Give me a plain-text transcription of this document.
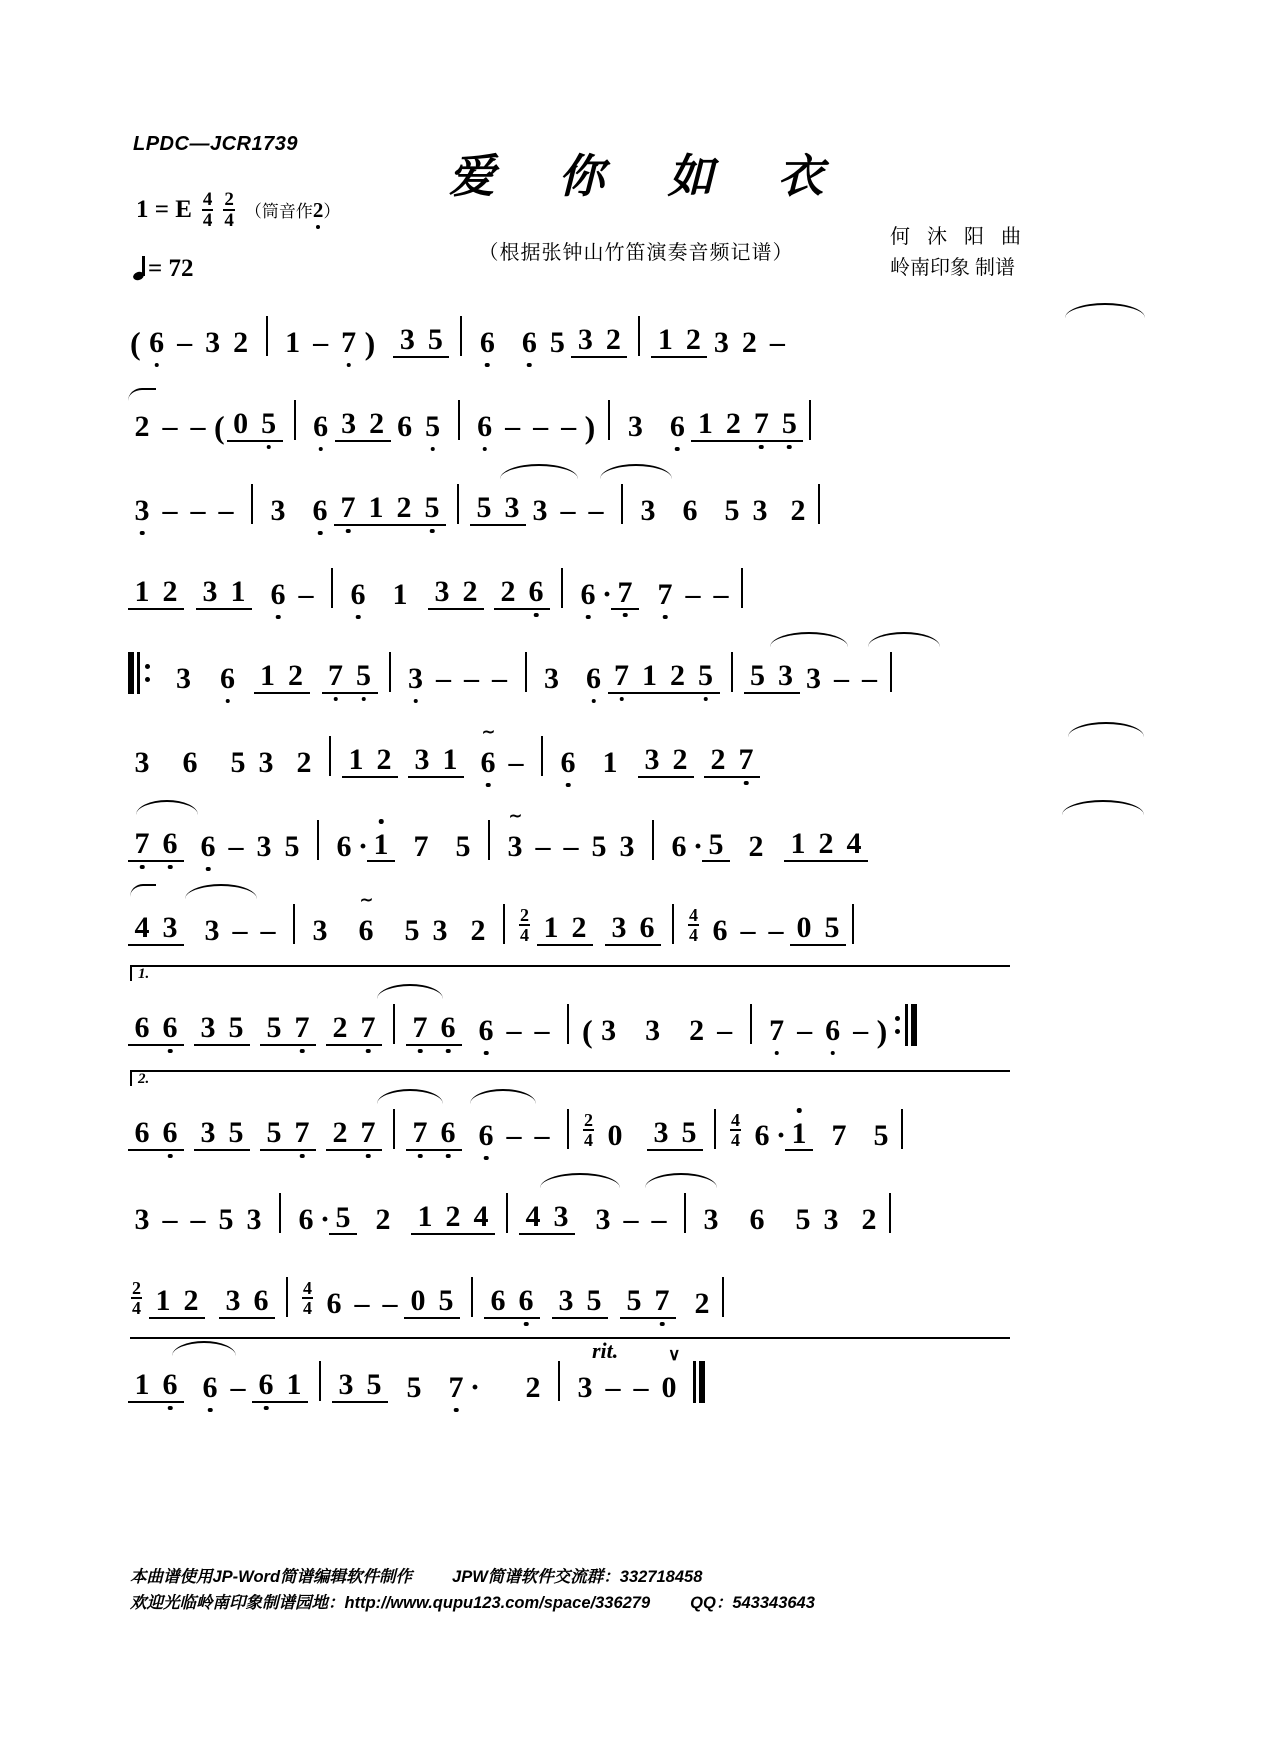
LPDC—JCR1739
爱 你 如 衣
（根据张钟山竹笛演奏音频记谱）
1 = E $\frac{4}{4} \frac{2}{4}$ （筒音作2）
= 72
何 沐 阳 曲
岭南印象 制谱
( 6 – 3 2 1 – 7 ) 3 5 6 6 5 3 2 1 2 3 2 –
2 – – ( 0 5 6 3 2 6 5 6 – – – ) 3 6 1 2 7 5
3 – – – 3 6 7 1 2 5 5 3 3 – – 3 6 5 3 2
1 2 3 1 6 – 6 1 3 2 2 6 6 · 7 7 – –
3 6 1 2 7 5 3 – – – 3 6 7 1 2 5 5 3 3 – –
3 6 5 3 2 1 2 3 1
∼
6 – 6 1 3 2 2 7
7 6 6 – 3 5 6 · 1 7 5
∼
3 – – 5 3 6 · 5 2 1 2 4
4 3 3 – – 3
∼
6 5 3 2	2
4 1 2 3 6	4
4 6 – – 0 5
1.
6 6 3 5 5 7 2 7 7 6 6 – – ( 3 3 2 – 7 – 6 – )
2.
6 6 3 5 5 7 2 7 7 6 6 – –	2
4 0 3 5	4
4 6 · 1 7 5
3 – – 5 3 6 · 5 2 1 2 4 4 3 3 – – 3 6 5 3 2
2
4 1 2 3 6	4
4 6 – – 0 5 6 6 3 5 5 7 2
rit.	∨
1 6 6 – 6 1 3 5 5 7 · 2 3 – – 0
本曲谱使用JP-Word简谱编辑软件制作 JPW简谱软件交流群：332718458
欢迎光临岭南印象制谱园地：http://www.qupu123.com/space/336279 QQ：543343643
